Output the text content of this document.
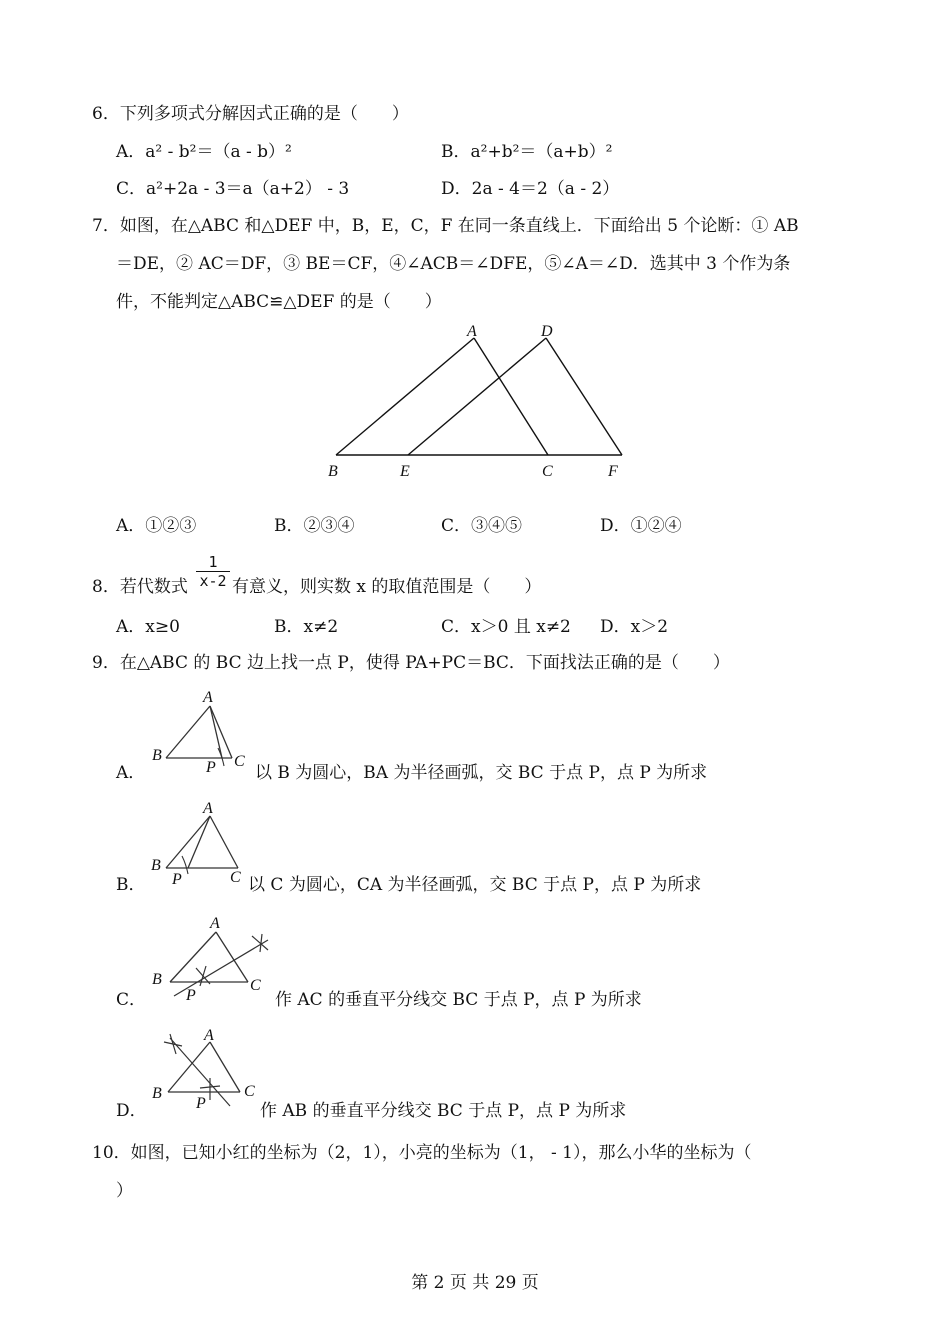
6．下列多项式分解因式正确的是（　　）
A．a² - b²＝（a - b）²	B．a²+b²＝（a+b）²
C．a²+2a - 3＝a（a+2） - 3	D．2a - 4＝2（a - 2）
7．如图，在△ABC 和△DEF 中，B，E，C，F 在同一条直线上．下面给出 5 个论断：① AB
＝DE，② AC＝DF，③ BE＝CF，④∠ACB＝∠DFE，⑤∠A＝∠D．选其中 3 个作为条
件，不能判定△ABC≌△DEF 的是（　　）
A	D
B	E	C	F
A．①②③	B．②③④	C．③④⑤	D．①②④
8．若代数式
1
x-2 有意义，则实数 x 的取值范围是（　　）
A．x≥0	B．x≠2	C．x＞0 且 x≠2 D．x＞2
9．在△ABC 的 BC 边上找一点 P，使得 PA+PC＝BC．下面找法正确的是（　　）
A．
A
B	C
P 以 B 为圆心，BA 为半径画弧，交 BC 于点 P，点 P 为所求
B．
A
B
C
P	以 C 为圆心，CA 为半径画弧，交 BC 于点 P，点 P 为所求
C．
A
B	C
P	作 AC 的垂直平分线交 BC 于点 P，点 P 为所求
D．
A
B	C
P	作 AB 的垂直平分线交 BC 于点 P，点 P 为所求
10．如图，已知小红的坐标为（2，1），小亮的坐标为（1， - 1），那么小华的坐标为（
）
第 2 页 共 29 页
